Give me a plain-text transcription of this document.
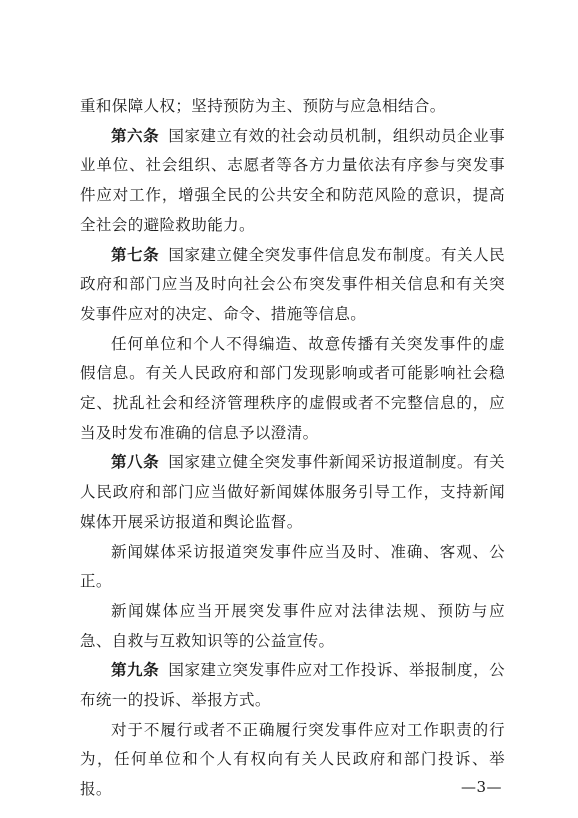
重和保障人权；坚持预防为主、预防与应急相结合。

第六条 国家建立有效的社会动员机制，组织动员企业事业单位、社会组织、志愿者等各方力量依法有序参与突发事件应对工作，增强全民的公共安全和防范风险的意识，提高全社会的避险救助能力。

第七条 国家建立健全突发事件信息发布制度。有关人民政府和部门应当及时向社会公布突发事件相关信息和有关突发事件应对的决定、命令、措施等信息。

任何单位和个人不得编造、故意传播有关突发事件的虚假信息。有关人民政府和部门发现影响或者可能影响社会稳定、扰乱社会和经济管理秩序的虚假或者不完整信息的，应当及时发布准确的信息予以澄清。

第八条 国家建立健全突发事件新闻采访报道制度。有关人民政府和部门应当做好新闻媒体服务引导工作，支持新闻媒体开展采访报道和舆论监督。

新闻媒体采访报道突发事件应当及时、准确、客观、公正。

新闻媒体应当开展突发事件应对法律法规、预防与应急、自救与互救知识等的公益宣传。

第九条 国家建立突发事件应对工作投诉、举报制度，公布统一的投诉、举报方式。

对于不履行或者不正确履行突发事件应对工作职责的行为，任何单位和个人有权向有关人民政府和部门投诉、举报。	—3—
